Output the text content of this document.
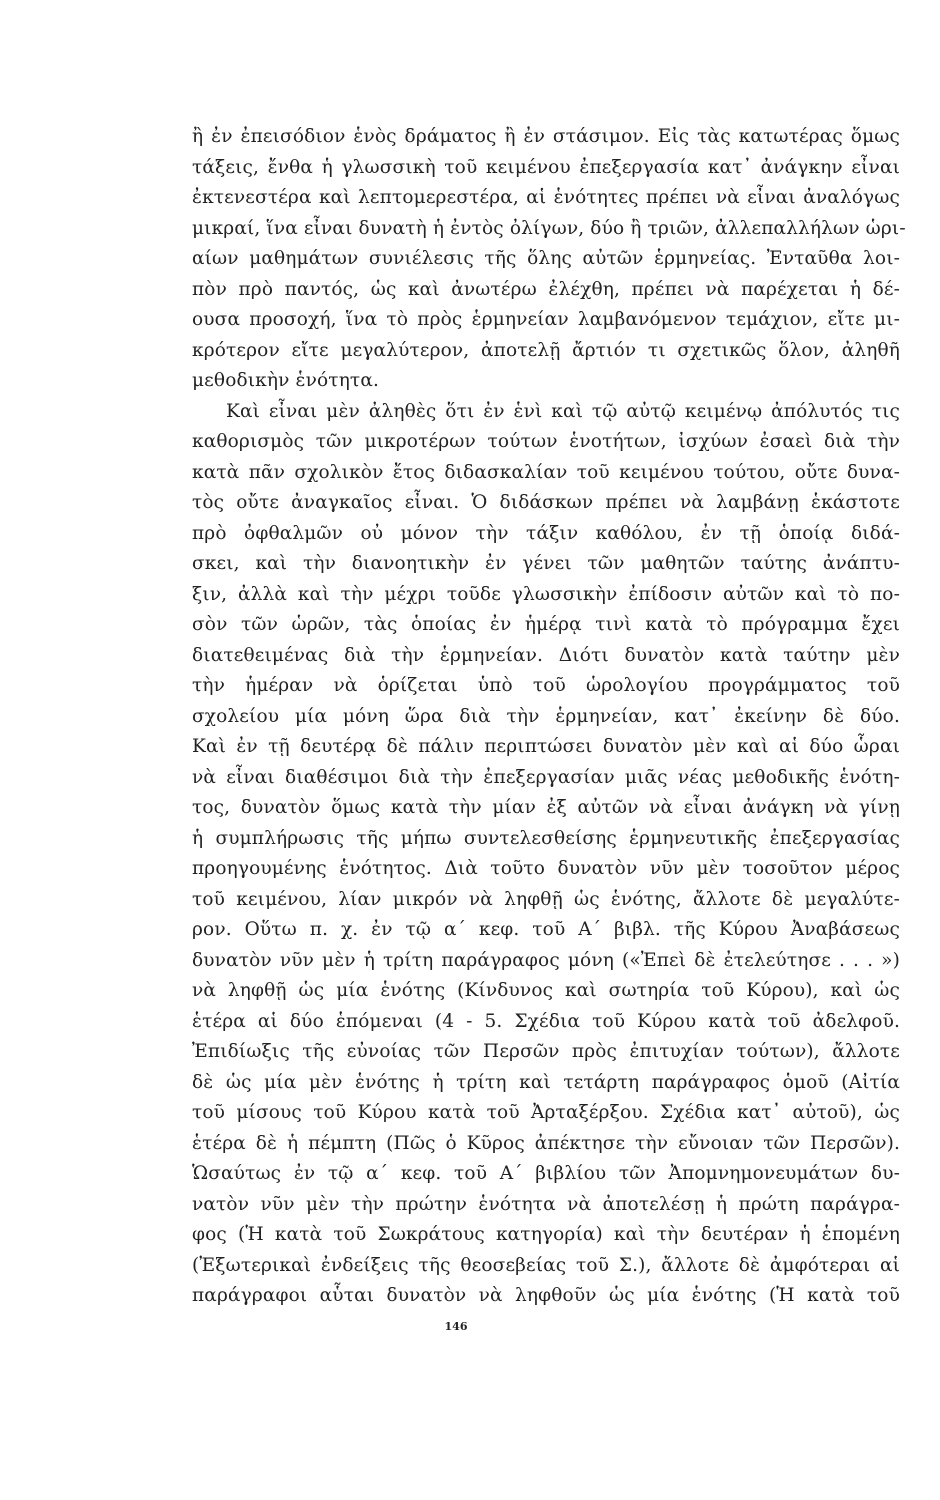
ἢ ἐν ἐπεισόδιον ἑνὸς δράματος ἢ ἐν στάσιμον. Εἰς τὰς κατωτέρας ὅμως
τάξεις, ἔνθα ἡ γλωσσικὴ τοῦ κειμένου ἐπεξεργασία κατ᾿ ἀνάγκην εἶναι
ἐκτενεστέρα καὶ λεπτομερεστέρα, αἱ ἑνότητες πρέπει νὰ εἶναι ἀναλόγως
μικραί, ἵνα εἶναι δυνατὴ ἡ ἐντὸς ὀλίγων, δύο ἢ τριῶν, ἀλλεπαλλήλων ὡρι-
αίων μαθημάτων συνιέλεσις τῆς ὅλης αὐτῶν ἑρμηνείας. Ἐνταῦθα λοι-
πὸν πρὸ παντός, ὡς καὶ ἀνωτέρω ἐλέχθη, πρέπει νὰ παρέχεται ἡ δέ-
ουσα προσοχή, ἵνα τὸ πρὸς ἑρμηνείαν λαμβανόμενον τεμάχιον, εἴτε μι-
κρότερον εἴτε μεγαλύτερον, ἀποτελῇ ἄρτιόν τι σχετικῶς ὅλον, ἀληθῆ
μεθοδικὴν ἑνότητα.
Καὶ εἶναι μὲν ἀληθὲς ὅτι ἐν ἑνὶ καὶ τῷ αὐτῷ κειμένῳ ἀπόλυτός τις
καθορισμὸς τῶν μικροτέρων τούτων ἑνοτήτων, ἰσχύων ἐσαεὶ διὰ τὴν
κατὰ πᾶν σχολικὸν ἔτος διδασκαλίαν τοῦ κειμένου τούτου, οὔτε δυνα-
τὸς οὔτε ἀναγκαῖος εἶναι. Ὁ διδάσκων πρέπει νὰ λαμβάνῃ ἑκάστοτε
πρὸ ὀφθαλμῶν οὐ μόνον τὴν τάξιν καθόλου, ἐν τῇ ὁποίᾳ διδά-
σκει, καὶ τὴν διανοητικὴν ἐν γένει τῶν μαθητῶν ταύτης ἀνάπτυ-
ξιν, ἀλλὰ καὶ τὴν μέχρι τοῦδε γλωσσικὴν ἐπίδοσιν αὐτῶν καὶ τὸ πο-
σὸν τῶν ὡρῶν, τὰς ὁποίας ἐν ἡμέρᾳ τινὶ κατὰ τὸ πρόγραμμα ἔχει
διατεθειμένας διὰ τὴν ἑρμηνείαν. Διότι δυνατὸν κατὰ ταύτην μὲν
τὴν ἡμέραν νὰ ὁρίζεται ὑπὸ τοῦ ὡρολογίου προγράμματος τοῦ
σχολείου μία μόνη ὥρα διὰ τὴν ἑρμηνείαν, κατ᾿ ἐκείνην δὲ δύο.
Καὶ ἐν τῇ δευτέρᾳ δὲ πάλιν περιπτώσει δυνατὸν μὲν καὶ αἱ δύο ὧραι
νὰ εἶναι διαθέσιμοι διὰ τὴν ἐπεξεργασίαν μιᾶς νέας μεθοδικῆς ἑνότη-
τος, δυνατὸν ὅμως κατὰ τὴν μίαν ἐξ αὐτῶν νὰ εἶναι ἀνάγκη νὰ γίνῃ
ἡ συμπλήρωσις τῆς μήπω συντελεσθείσης ἑρμηνευτικῆς ἐπεξεργασίας
προηγουμένης ἑνότητος. Διὰ τοῦτο δυνατὸν νῦν μὲν τοσοῦτον μέρος
τοῦ κειμένου, λίαν μικρόν νὰ ληφθῇ ὡς ἑνότης, ἄλλοτε δὲ μεγαλύτε-
ρον. Οὕτω π. χ. ἐν τῷ α΄ κεφ. τοῦ Α΄ βιβλ. τῆς Κύρου Ἀναβάσεως
δυνατὸν νῦν μὲν ἡ τρίτη παράγραφος μόνη («Ἐπεὶ δὲ ἐτελεύτησε . . . »)
νὰ ληφθῇ ὡς μία ἑνότης (Κίνδυνος καὶ σωτηρία τοῦ Κύρου), καὶ ὡς
ἑτέρα αἱ δύο ἑπόμεναι (4 - 5. Σχέδια τοῦ Κύρου κατὰ τοῦ ἀδελφοῦ.
Ἐπιδίωξις τῆς εὐνοίας τῶν Περσῶν πρὸς ἐπιτυχίαν τούτων), ἄλλοτε
δὲ ὡς μία μὲν ἑνότης ἡ τρίτη καὶ τετάρτη παράγραφος ὁμοῦ (Αἰτία
τοῦ μίσους τοῦ Κύρου κατὰ τοῦ Ἀρταξέρξου. Σχέδια κατ᾿ αὐτοῦ), ὡς
ἑτέρα δὲ ἡ πέμπτη (Πῶς ὁ Κῦρος ἀπέκτησε τὴν εὔνοιαν τῶν Περσῶν).
Ὡσαύτως ἐν τῷ α΄ κεφ. τοῦ Α΄ βιβλίου τῶν Ἀπομνημονευμάτων δυ-
νατὸν νῦν μὲν τὴν πρώτην ἑνότητα νὰ ἀποτελέσῃ ἡ πρώτη παράγρα-
φος (Ἡ κατὰ τοῦ Σωκράτους κατηγορία) καὶ τὴν δευτέραν ἡ ἑπομένη
(Ἐξωτερικαὶ ἐνδείξεις τῆς θεοσεβείας τοῦ Σ.), ἄλλοτε δὲ ἀμφότεραι αἱ
παράγραφοι αὗται δυνατὸν νὰ ληφθοῦν ὡς μία ἑνότης (Ἡ κατὰ τοῦ
146
